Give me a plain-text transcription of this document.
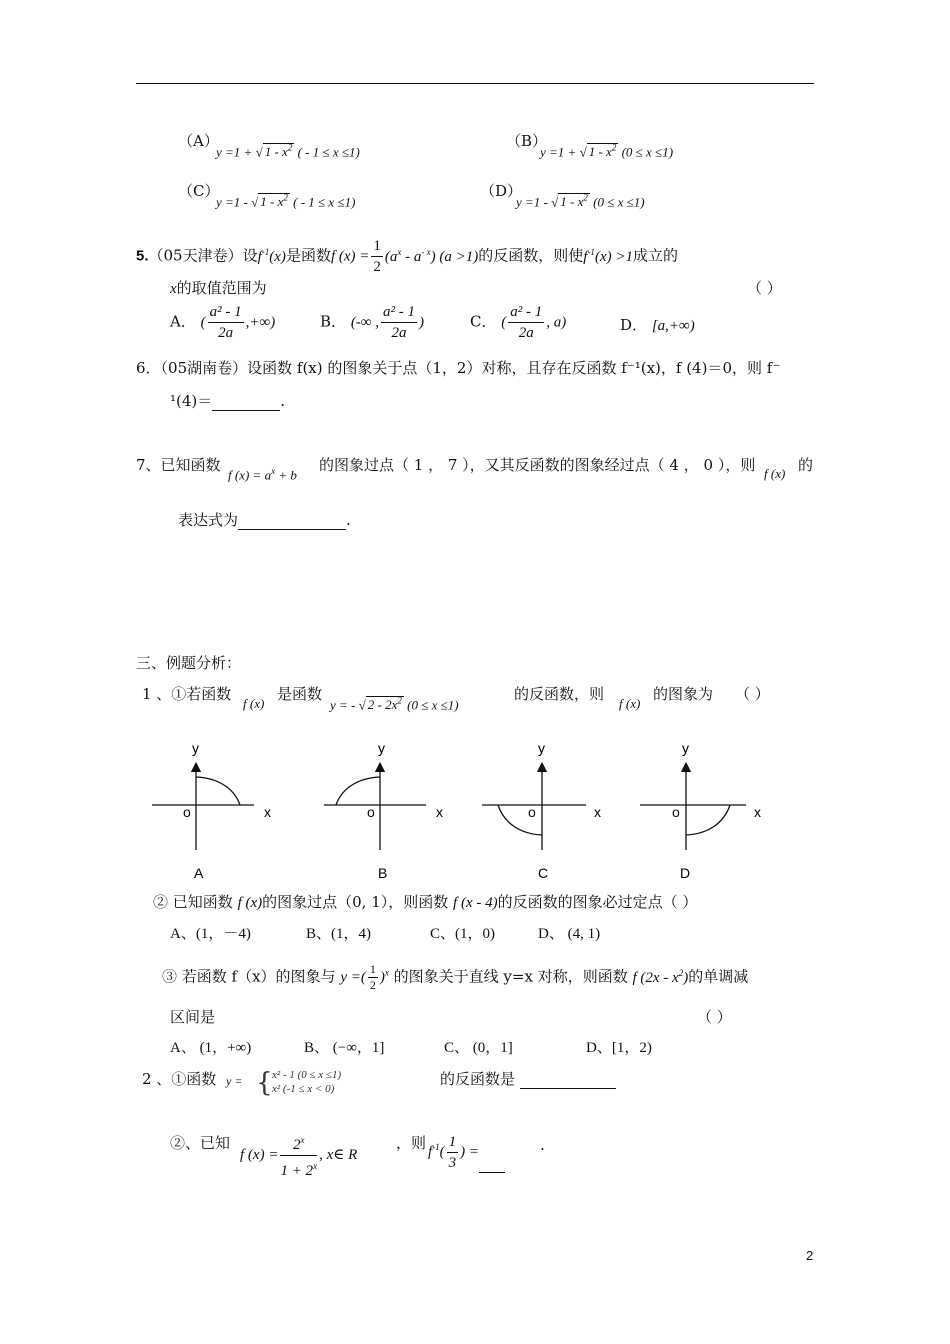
（A）
y =1 + √ $1 - x^2$ ( - 1 ≤ x ≤1)
（B）
y =1 + √ $1 - x^2$ (0 ≤ x ≤1)
（C）
y =1 - √ $1 - x^2$ ( - 1 ≤ x ≤1)
（D）
y =1 - √ $1 - x^2$ (0 ≤ x ≤1)
5.（05天津卷）设$f^{-1}(x)$是函数f $(x) = \frac{1}{2} (a^x - a^{- x})$ (a >1)的反函数，则使$f^{-1}(x) >1$成立的
x的取值范围为	（ ）
A． ( $\frac{\text{a² - 1}}{2a}$ ,+∞)	B． (-∞ , $\frac{\text{a² - 1}}{2a}$ )	C． ( $\frac{\text{a² - 1}}{2a}$ , a)	D． [a,+∞)
6．（05湖南卷）设函数 f(x) 的图象关于点（1，2）对称，且存在反函数 f⁻¹(x)，f (4)＝0，则 f⁻
¹(4)＝	.
7、已知函数
f $(x) = a^x + b$
的图象过点（ 1 ， 7 ），又其反函数的图象经过点（ 4 ， 0 ），则 f (x) 的
表达式为	.
三、例题分析：
1 、①若函数
f (x)
是函数
y = - √ $2 - 2x^2$ (0 ≤ x ≤1)
的反函数，则
f (x)
的图象为 （ ）
y
x
o
A
y
x
o
B
y
x
o
C
y
x
o
D
② 已知函数 f (x)的图象过点（0, 1），则函数 f (x - 4)的反函数的图象必过定点（ ）
A、(1，－4)	B、(1，4)	C、(1，0)	D、 (4, 1)
③ 若函数 f（x）的图象与 y =( $\frac{1}{2} )^x$ 的图象关于直线 y=x 对称，则函数 f $(2x - x^2)$的单调减
区间是	（ ）
A、 (1，+∞)	B、 (−∞，1]	C、 (0，1]	D、[1，2)
2 、①函数 y = { x² - 1 (0 ≤ x ≤1)
x² (-1 ≤ x < 0)
的反函数是
②、已知
f $(x) = \frac{2^x}{1 + 2^x}$ , x∈ R
，则 $f^{-1}( \frac{1}{3}$ ) =	.
2
